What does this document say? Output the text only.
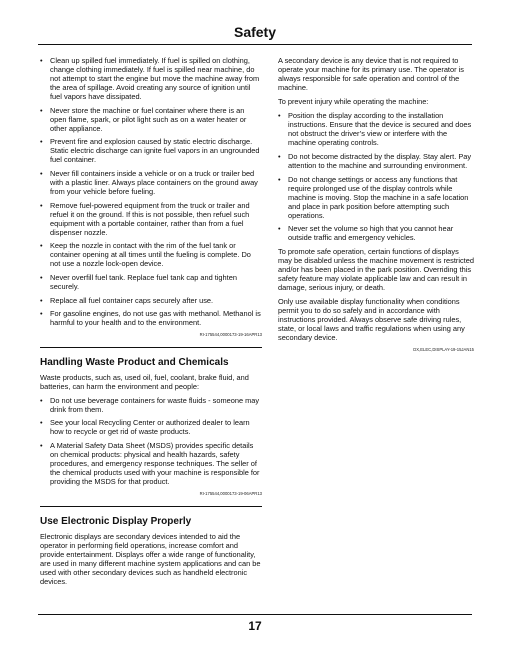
Safety
• Clean up spilled fuel immediately. If fuel is spilled on clothing, change clothing immediately. If fuel is spilled near machine, do not attempt to start the engine but move the machine away from the area of spillage. Avoid creating any source of ignition until fuel vapors have dissipated.
• Never store the machine or fuel container where there is an open flame, spark, or pilot light such as on a water heater or other appliance.
• Prevent fire and explosion caused by static electric discharge. Static electric discharge can ignite fuel vapors in an ungrounded fuel container.
• Never fill containers inside a vehicle or on a truck or trailer bed with a plastic liner. Always place containers on the ground away from your vehicle before fueling.
• Remove fuel-powered equipment from the truck or trailer and refuel it on the ground. If this is not possible, then refuel such equipment with a portable container, rather than from a fuel dispenser nozzle.
• Keep the nozzle in contact with the rim of the fuel tank or container opening at all times until the fueling is complete. Do not use a nozzle lock-open device.
• Never overfill fuel tank. Replace fuel tank cap and tighten securely.
• Replace all fuel container caps securely after use.
• For gasoline engines, do not use gas with methanol. Methanol is harmful to your health and to the environment.
RI-175544,0000173-19-16APR13
Handling Waste Product and Chemicals

Waste products, such as, used oil, fuel, coolant, brake fluid, and batteries, can harm the environment and people:

• Do not use beverage containers for waste fluids - someone may drink from them.
• See your local Recycling Center or authorized dealer to learn how to recycle or get rid of waste products.
• A Material Safety Data Sheet (MSDS) provides specific details on chemical products: physical and health hazards, safety procedures, and emergency response techniques. The seller of the chemical products used with your machine is responsible for providing the MSDS for that product.
RI-175544,0000173-19-06APR13
Use Electronic Display Properly

Electronic displays are secondary devices intended to aid the operator in performing field operations, increase comfort and provide entertainment. Displays offer a wide range of functionality, are used in many different machine system applications and can be used with other secondary devices such as handheld electronic devices.

A secondary device is any device that is not required to operate your machine for its primary use. The operator is always responsible for safe operation and control of the machine.

To prevent injury while operating the machine:

• Position the display according to the installation instructions. Ensure that the device is secured and does not obstruct the driver’s view or interfere with the machine operating controls.
• Do not become distracted by the display. Stay alert. Pay attention to the machine and surrounding environment.
• Do not change settings or access any functions that require prolonged use of the display controls while machine is moving. Stop the machine in a safe location and place in park position before attempting such operations.
• Never set the volume so high that you cannot hear outside traffic and emergency vehicles.

To promote safe operation, certain functions of displays may be disabled unless the machine movement is restricted and/or has been placed in the park position. Overriding this safety feature may violate applicable law and can result in damage, serious injury, or death.

Only use available display functionality when conditions permit you to do so safely and in accordance with instructions provided. Always observe safe driving rules, state, or local laws and traffic regulations when using any secondary device.

DX,ELEC,DISPLAY-19-15JAN15
17
